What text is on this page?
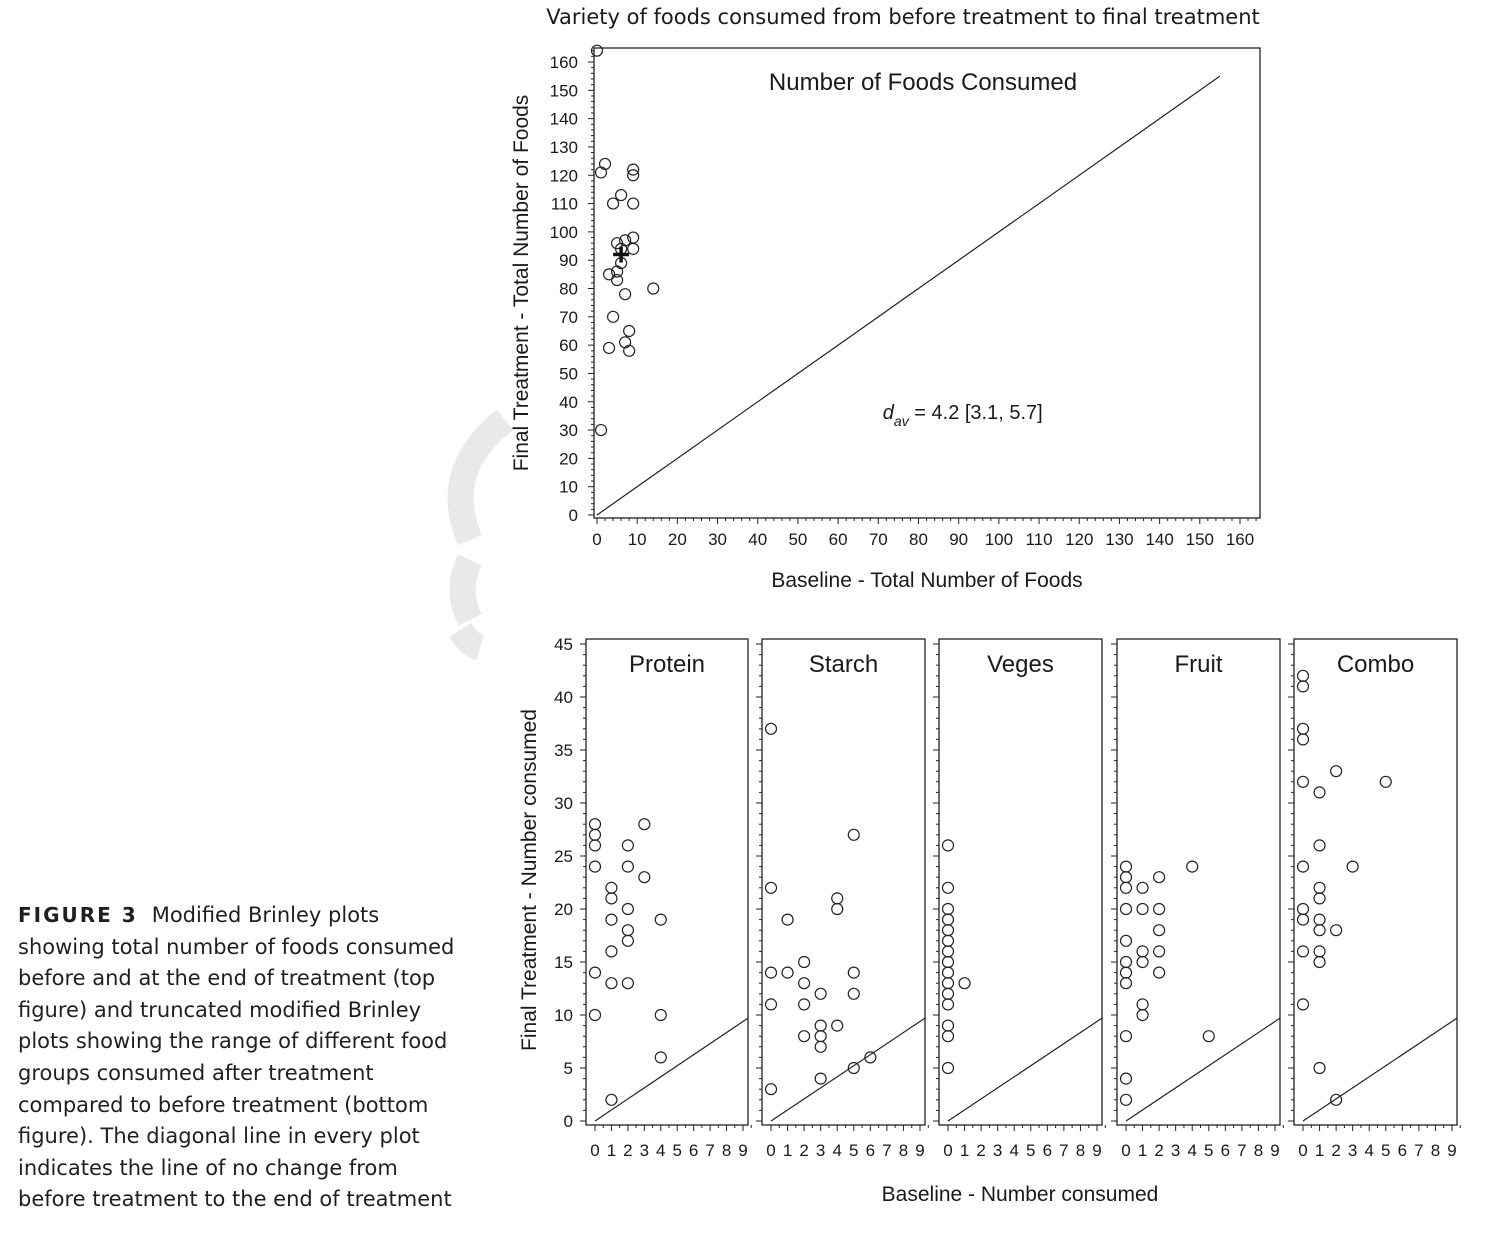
Variety of foods consumed from before treatment to final treatment
Number of Foods Consumed
Final Treatment - Total Number of Foods
Baseline - Total Number of Foods
$d_{av} = 4.2$ [3.1, 5.7]
0 10 20 30 40 50 60 70 80 90 100 110 120 130 140 150 160
0
10
20
30
40
50
60
70
80
90
100
110
120
130
140
150
160
Protein
0 1 2 3 4 5 6 7 8 9
0
5
10
15
20
25
30
35
40
45
Starch
0 1 2 3 4 5 6 7 8 9
Veges
0 1 2 3 4 5 6 7 8 9
Fruit
0 1 2 3 4 5 6 7 8 9
Combo
0 1 2 3 4 5 6 7 8 9
Final Treatment - Number consumed
Baseline - Number consumed
FIGURE 3 Modified Brinley plots showing total number of foods consumed before and at the end of treatment (top figure) and truncated modified Brinley plots showing the range of different food groups consumed after treatment compared to before treatment (bottom figure). The diagonal line in every plot indicates the line of no change from before treatment to the end of treatment
